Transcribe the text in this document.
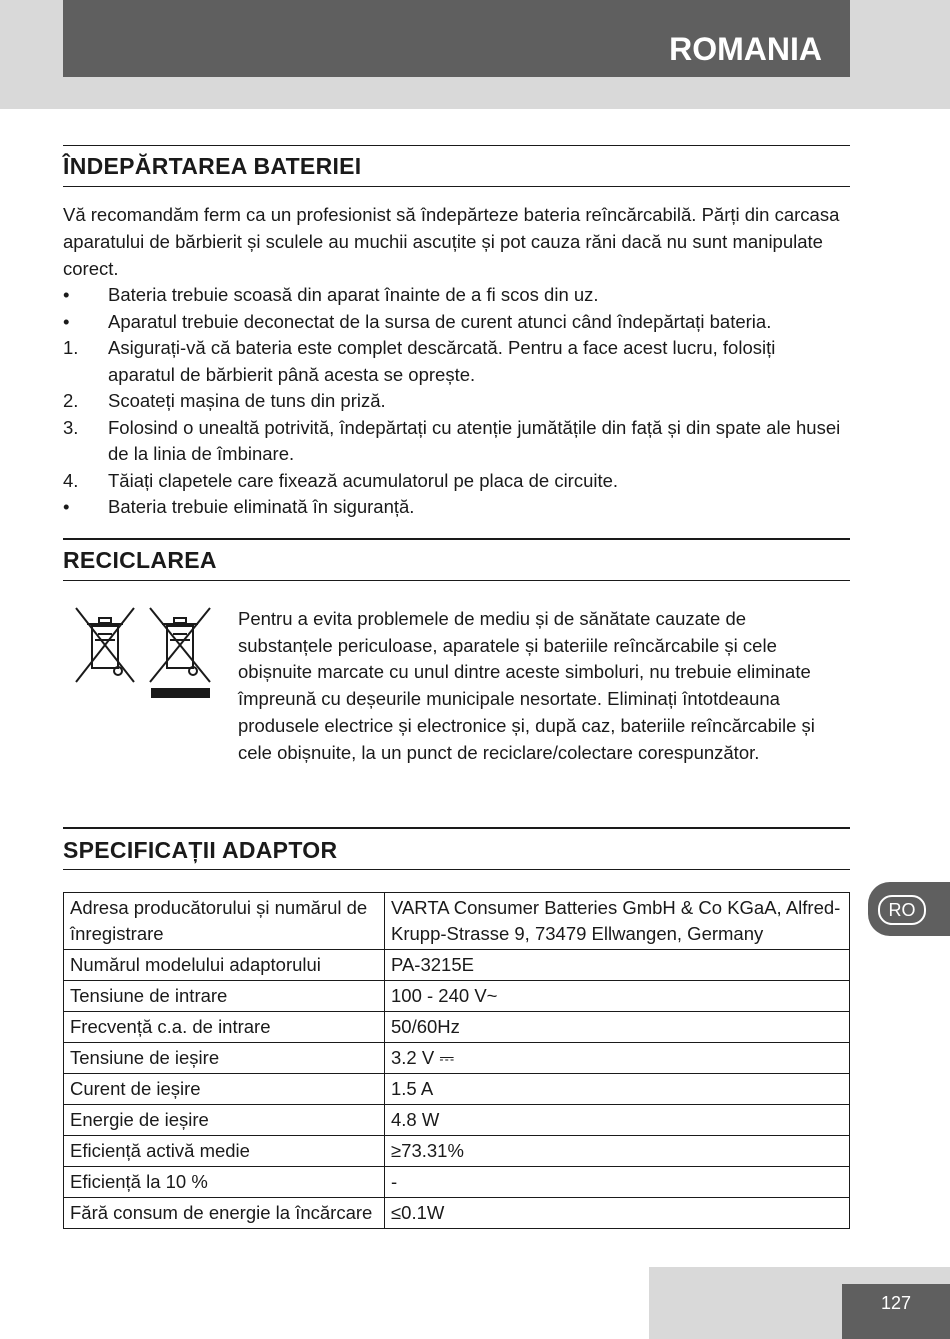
ROMANIA
ÎNDEPĂRTAREA BATERIEI

Vă recomandăm ferm ca un profesionist să îndepărteze bateria reîncărcabilă. Părți din carcasa aparatului de bărbierit și sculele au muchii ascuțite și pot cauza răni dacă nu sunt manipulate corect.

•	Bateria trebuie scoasă din aparat înainte de a fi scos din uz.
•	Aparatul trebuie deconectat de la sursa de curent atunci când îndepărtați bateria.
1.	Asigurați-vă că bateria este complet descărcată. Pentru a face acest lucru, folosiți aparatul de bărbierit până acesta se oprește.
2.	Scoateți mașina de tuns din priză.
3.	Folosind o unealtă potrivită, îndepărtați cu atenție jumătățile din față și din spate ale husei de la linia de îmbinare.
4.	Tăiați clapetele care fixează acumulatorul pe placa de circuite.
•	Bateria trebuie eliminată în siguranță.
RECICLAREA

Pentru a evita problemele de mediu și de sănătate cauzate de substanțele periculoase, aparatele și bateriile reîncărcabile și cele obișnuite marcate cu unul dintre aceste simboluri, nu trebuie eliminate împreună cu deșeurile municipale nesortate. Eliminați întotdeauna produsele electrice și electronice și, după caz, bateriile reîncărcabile și cele obișnuite, la un punct de reciclare/colectare corespunzător.

SPECIFICAȚII ADAPTOR
Adresa producătorului și numărul de înregistrare	VARTA Consumer Batteries GmbH & Co KGaA, Alfred-Krupp-Strasse 9, 73479 Ellwangen, Germany
Numărul modelului adaptorului	PA-3215E
Tensiune de intrare	100 - 240 V~
Frecvență c.a. de intrare	50/60Hz
Tensiune de ieșire	3.2 V ⎓
Curent de ieșire	1.5 A
Energie de ieșire	4.8 W
Eficiență activă medie	≥73.31%
Eficiență la 10 %	-
Fără consum de energie la încărcare	≤0.1W
RO
127
